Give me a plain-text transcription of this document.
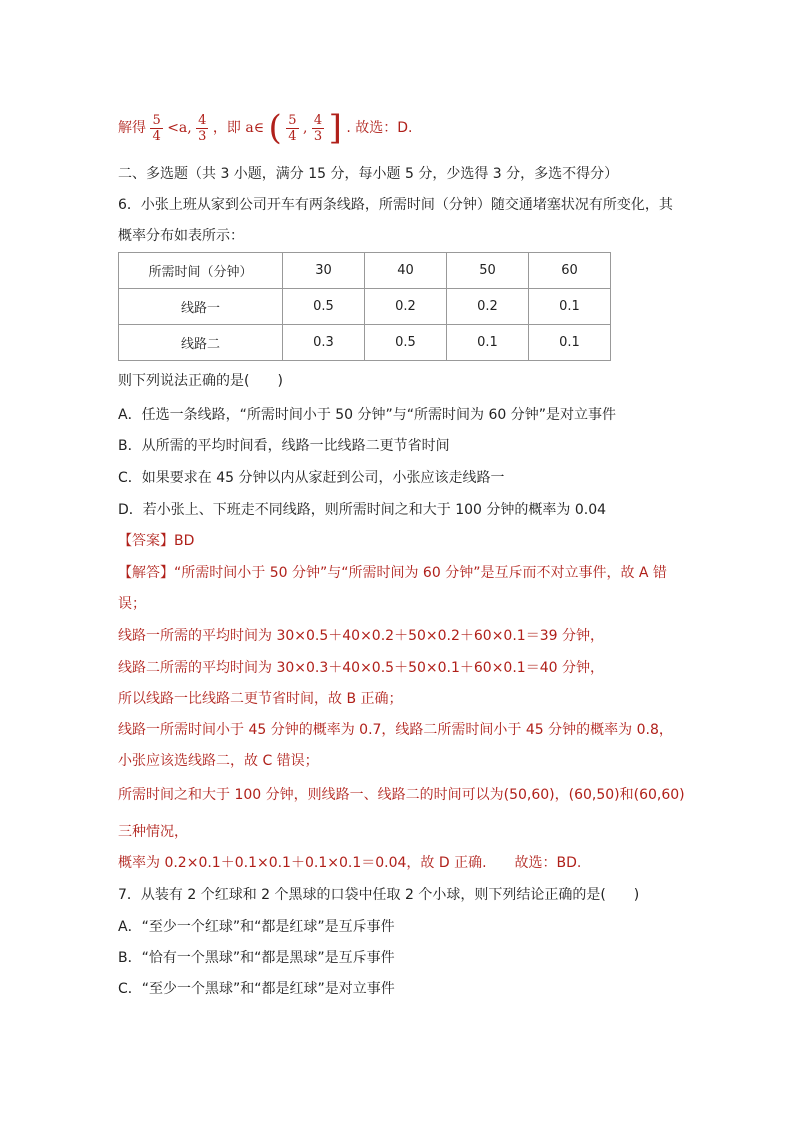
解得 $\frac{5}{4} <a$, $\frac{4}{3}$ ，即 a∈ ( $\frac{5}{4}$ , $\frac{4}{3}$ ] . 故选：D.
二、多选题（共 3 小题，满分 15 分，每小题 5 分，少选得 3 分，多选不得分）
6．小张上班从家到公司开车有两条线路，所需时间（分钟）随交通堵塞状况有所变化，其
概率分布如表所示：
所需时间（分钟）	30	40	50	60
线路一	0.5	0.2	0.2	0.1
线路二	0.3	0.5	0.1	0.1
则下列说法正确的是(　　)
A．任选一条线路，“所需时间小于 50 分钟”与“所需时间为 60 分钟”是对立事件
B．从所需的平均时间看，线路一比线路二更节省时间
C．如果要求在 45 分钟以内从家赶到公司，小张应该走线路一
D．若小张上、下班走不同线路，则所需时间之和大于 100 分钟的概率为 0.04
【答案】BD
【解答】“所需时间小于 50 分钟”与“所需时间为 60 分钟”是互斥而不对立事件，故 A 错
误；
线路一所需的平均时间为 30×0.5＋40×0.2＋50×0.2＋60×0.1＝39 分钟，
线路二所需的平均时间为 30×0.3＋40×0.5＋50×0.1＋60×0.1＝40 分钟，
所以线路一比线路二更节省时间，故 B 正确；
线路一所需时间小于 45 分钟的概率为 0.7，线路二所需时间小于 45 分钟的概率为 0.8，
小张应该选线路二，故 C 错误；
所需时间之和大于 100 分钟，则线路一、线路二的时间可以为(50,60)，(60,50)和(60,60)
三种情况，
概率为 0.2×0.1＋0.1×0.1＋0.1×0.1＝0.04，故 D 正确.　　故选：BD.
7．从装有 2 个红球和 2 个黑球的口袋中任取 2 个小球，则下列结论正确的是(　　)
A．“至少一个红球”和“都是红球”是互斥事件
B．“恰有一个黑球”和“都是黑球”是互斥事件
C．“至少一个黑球”和“都是红球”是对立事件
